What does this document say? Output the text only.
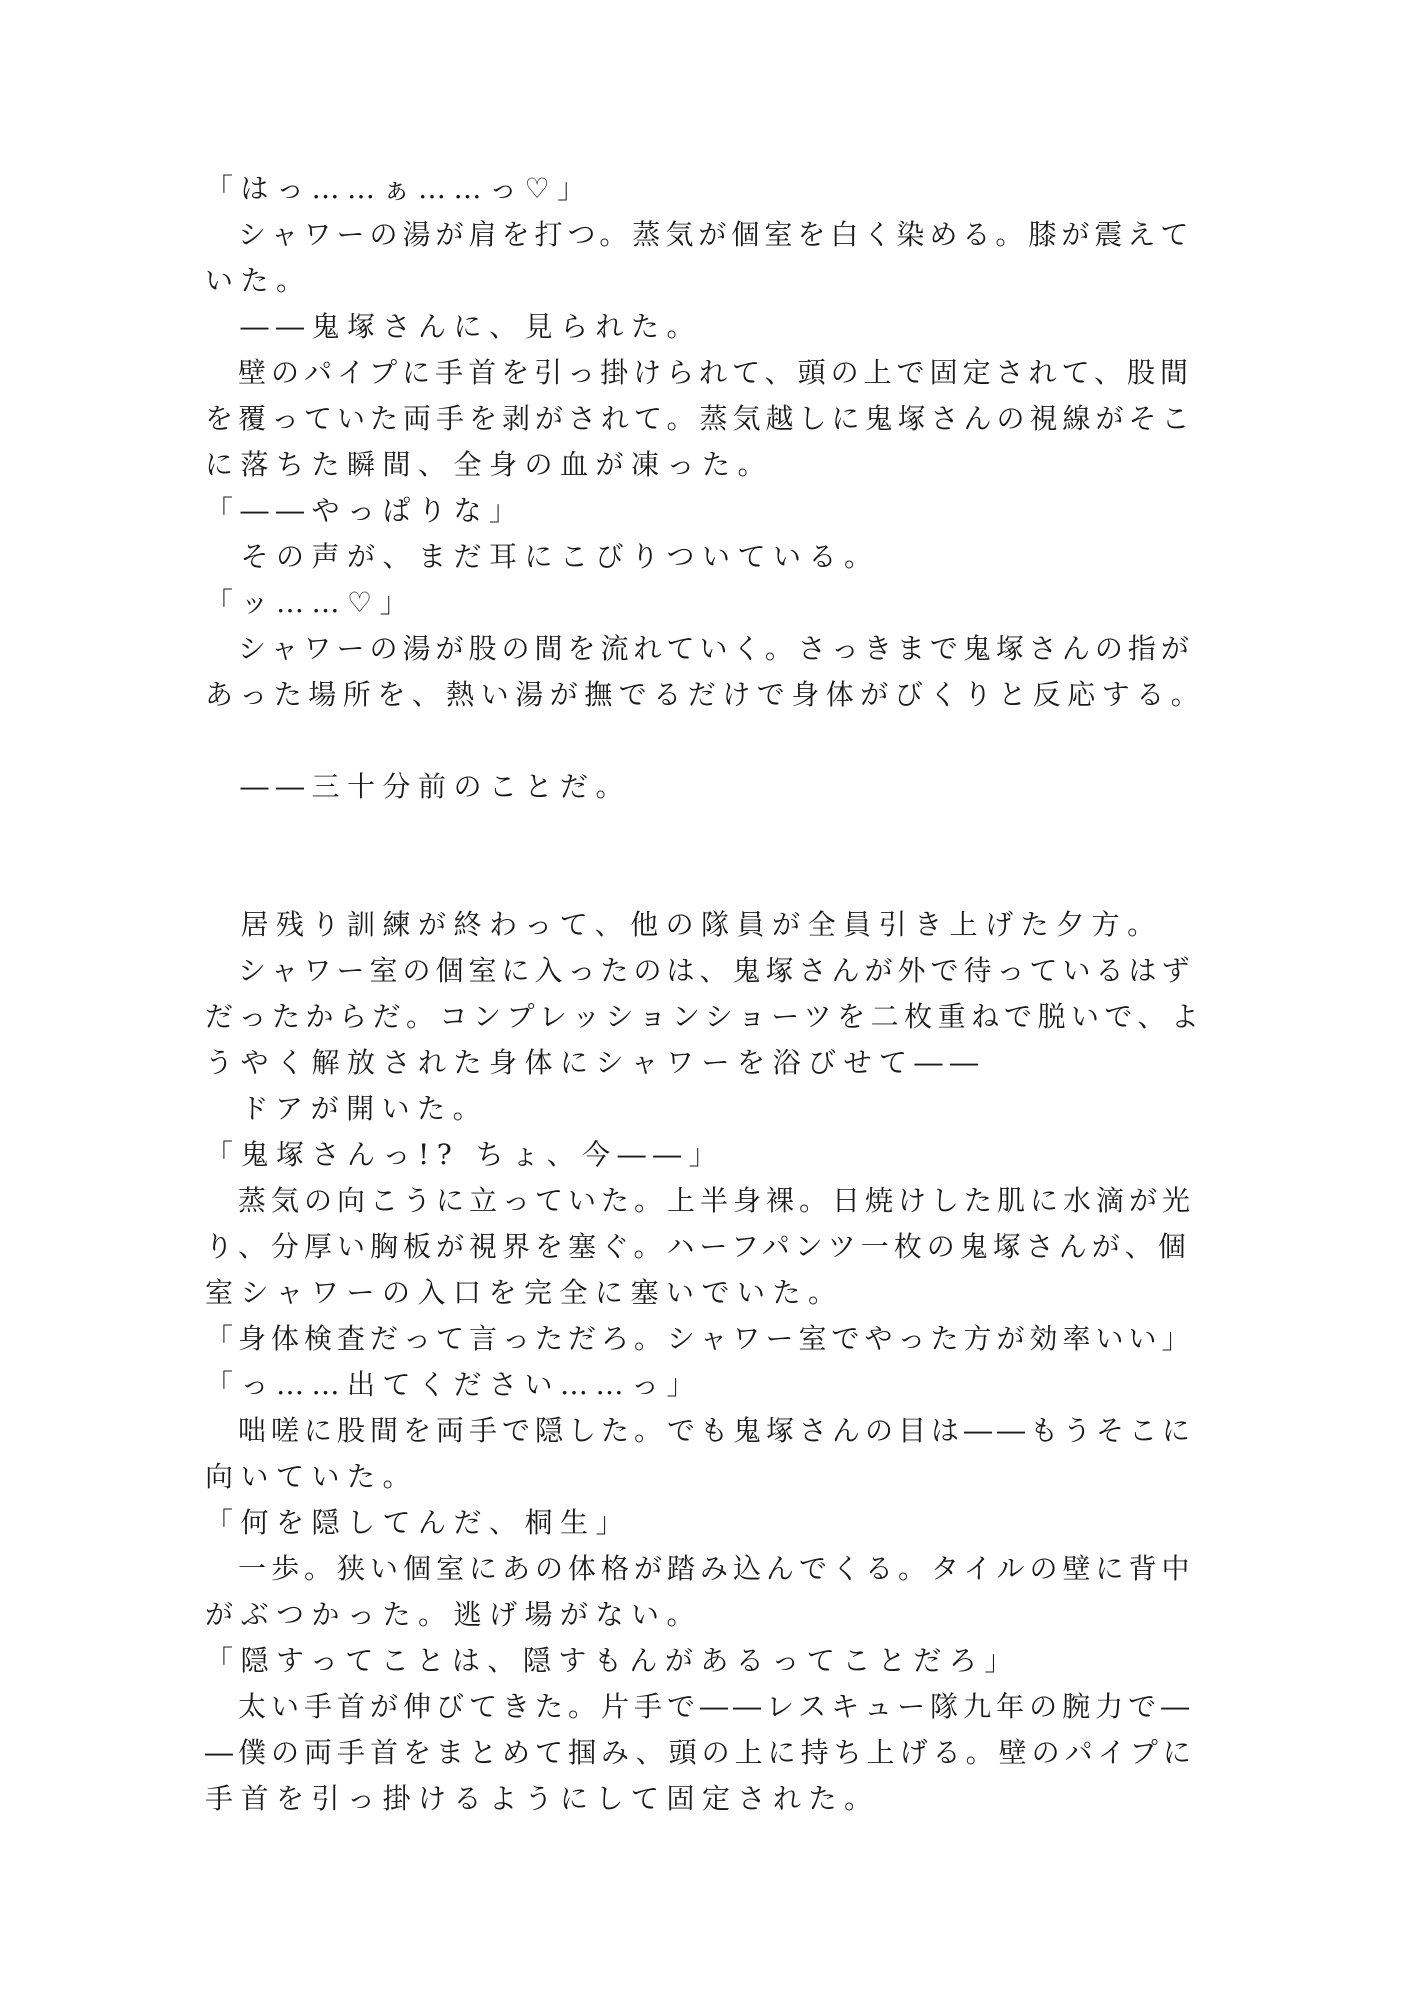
「はっ……ぁ……っ♡」
　シャワーの湯が肩を打つ。蒸気が個室を白く染める。膝が震えて
いた。
　――鬼塚さんに、見られた。
　壁のパイプに手首を引っ掛けられて、頭の上で固定されて、股間
を覆っていた両手を剥がされて。蒸気越しに鬼塚さんの視線がそこ
に落ちた瞬間、全身の血が凍った。
「――やっぱりな」
　その声が、まだ耳にこびりついている。
「ッ……♡」
　シャワーの湯が股の間を流れていく。さっきまで鬼塚さんの指が
あった場所を、熱い湯が撫でるだけで身体がびくりと反応する。
　――三十分前のことだ。
　居残り訓練が終わって、他の隊員が全員引き上げた夕方。
　シャワー室の個室に入ったのは、鬼塚さんが外で待っているはず
だったからだ。コンプレッションショーツを二枚重ねで脱いで、よ
うやく解放された身体にシャワーを浴びせて――
　ドアが開いた。
「鬼塚さんっ!? ちょ、今――」
　蒸気の向こうに立っていた。上半身裸。日焼けした肌に水滴が光
り、分厚い胸板が視界を塞ぐ。ハーフパンツ一枚の鬼塚さんが、個
室シャワーの入口を完全に塞いでいた。
「身体検査だって言っただろ。シャワー室でやった方が効率いい」
「っ……出てください……っ」
　咄嗟に股間を両手で隠した。でも鬼塚さんの目は――もうそこに
向いていた。
「何を隠してんだ、桐生」
　一歩。狭い個室にあの体格が踏み込んでくる。タイルの壁に背中
がぶつかった。逃げ場がない。
「隠すってことは、隠すもんがあるってことだろ」
　太い手首が伸びてきた。片手で――レスキュー隊九年の腕力で―
―僕の両手首をまとめて掴み、頭の上に持ち上げる。壁のパイプに
手首を引っ掛けるようにして固定された。
